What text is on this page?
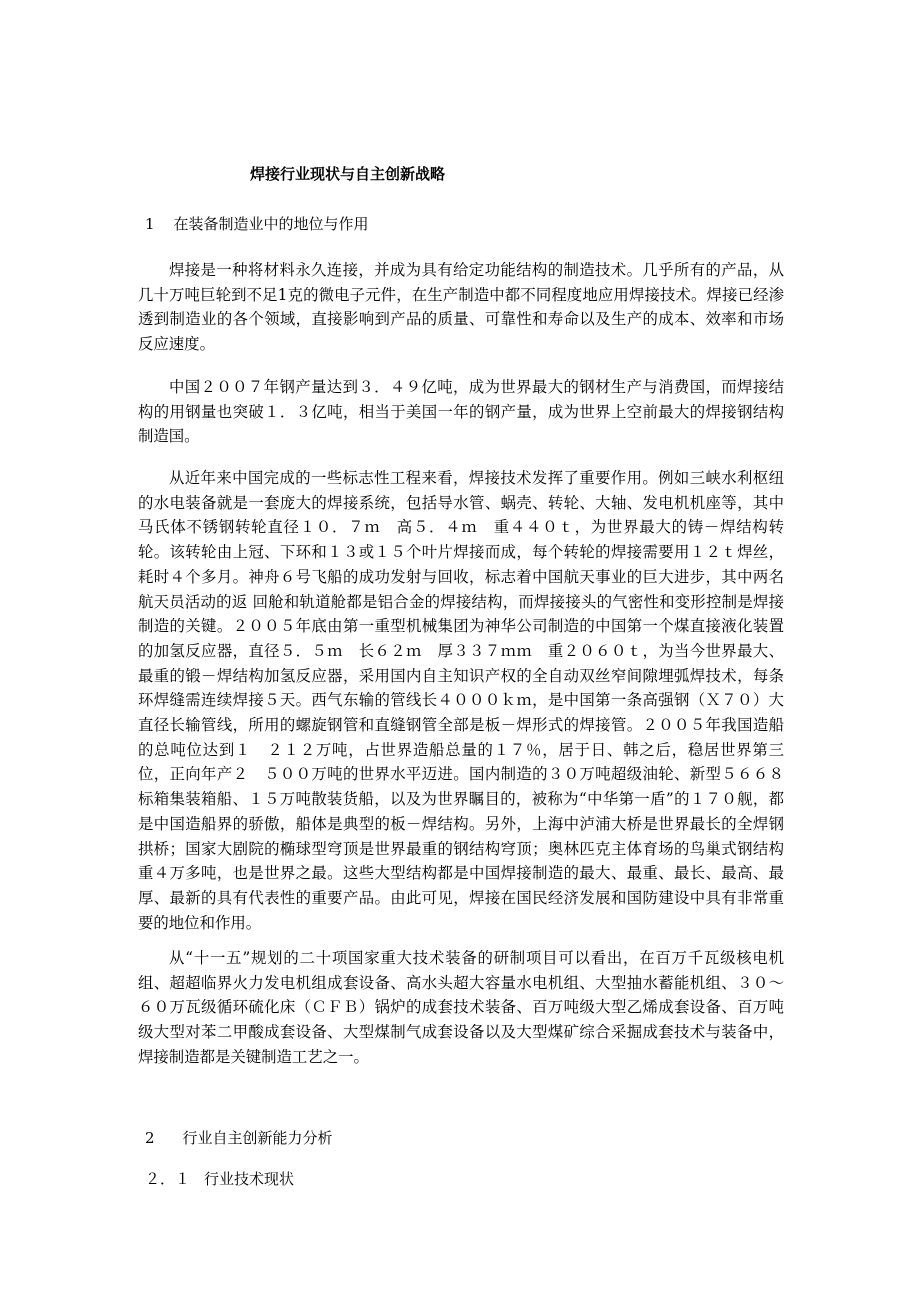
焊接行业现状与自主创新战略
1 在装备制造业中的地位与作用

焊接是一种将材料永久连接，并成为具有给定功能结构的制造技术。几乎所有的产品，从几十万吨巨轮到不足1克的微电子元件，在生产制造中都不同程度地应用焊接技术。焊接已经渗透到制造业的各个领域，直接影响到产品的质量、可靠性和寿命以及生产的成本、效率和市场反应速度。

中国２００７年钢产量达到３．４９亿吨，成为世界最大的钢材生产与消费国，而焊接结构的用钢量也突破１．３亿吨，相当于美国一年的钢产量，成为世界上空前最大的焊接钢结构制造国。

从近年来中国完成的一些标志性工程来看，焊接技术发挥了重要作用。例如三峡水利枢纽的水电装备就是一套庞大的焊接系统，包括导水管、蜗壳、转轮、大轴、发电机机座等，其中马氏体不锈钢转轮直径１０．７ｍ　高５．４ｍ　重４４０ｔ，为世界最大的铸－焊结构转轮。该转轮由上冠、下环和１３或１５个叶片焊接而成，每个转轮的焊接需要用１２ｔ焊丝，耗时４个多月。神舟６号飞船的成功发射与回收，标志着中国航天事业的巨大进步，其中两名航天员活动的返 回舱和轨道舱都是铝合金的焊接结构，而焊接接头的气密性和变形控制是焊接制造的关键。２００５年底由第一重型机械集团为神华公司制造的中国第一个煤直接液化装置的加氢反应器，直径５．５ｍ　长６２ｍ　厚３３７ｍｍ　重２０６０ｔ，为当今世界最大、最重的锻－焊结构加氢反应器，采用国内自主知识产权的全自动双丝窄间隙埋弧焊技术，每条环焊缝需连续焊接５天。西气东输的管线长４０００ｋｍ，是中国第一条高强钢（Ｘ７０）大直径长输管线，所用的螺旋钢管和直缝钢管全部是板－焊形式的焊接管。２００５年我国造船的总吨位达到１　２１２万吨，占世界造船总量的１７％，居于日、韩之后，稳居世界第三位，正向年产２　５００万吨的世界水平迈进。国内制造的３０万吨超级油轮、新型５６６８标箱集装箱船、１５万吨散装货船，以及为世界瞩目的，被称为“中华第一盾”的１７０舰，都是中国造船界的骄傲，船体是典型的板－焊结构。另外，上海中泸浦大桥是世界最长的全焊钢拱桥；国家大剧院的椭球型穹顶是世界最重的钢结构穹顶；奥林匹克主体育场的鸟巢式钢结构重４万多吨，也是世界之最。这些大型结构都是中国焊接制造的最大、最重、最长、最高、最厚、最新的具有代表性的重要产品。由此可见，焊接在国民经济发展和国防建设中具有非常重要的地位和作用。

从“十一五”规划的二十项国家重大技术装备的研制项目可以看出，在百万千瓦级核电机组、超超临界火力发电机组成套设备、高水头超大容量水电机组、大型抽水蓄能机组、３０～６０万瓦级循环硫化床（ＣＦＢ）锅炉的成套技术装备、百万吨级大型乙烯成套设备、百万吨级大型对苯二甲酸成套设备、大型煤制气成套设备以及大型煤矿综合采掘成套技术与装备中，焊接制造都是关键制造工艺之一。

2 行业自主创新能力分析
２．１ 行业技术现状
